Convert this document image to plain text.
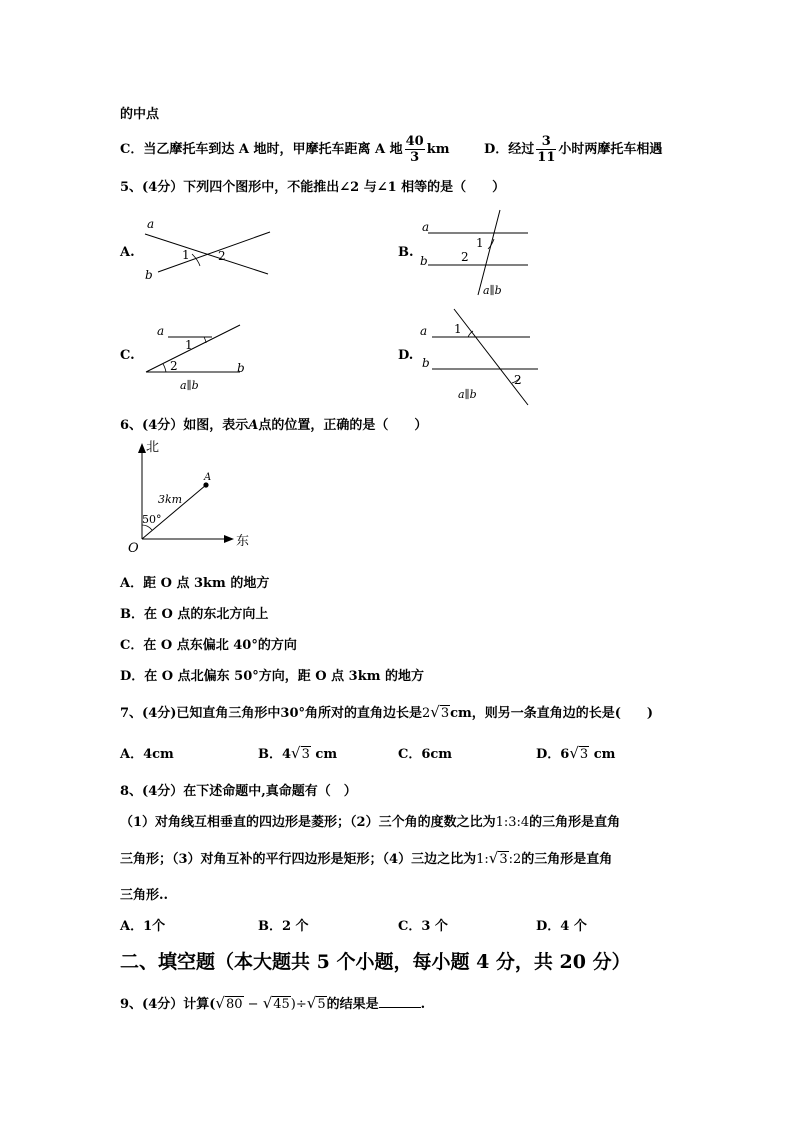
的中点
C．当乙摩托车到达 A 地时，甲摩托车距离 A 地 $\frac{40}{3}$ km	D．经过 $\frac{3}{11}$ 小时两摩托车相遇
5、(4分）下列四个图形中，不能推出∠2 与∠1 相等的是（　　）
A.
a
b
1 2	B.
a
b
1
2
a∥b
C.
a
b
1
2
a∥b
D.
a
b
1
2
a∥b
6、(4分）如图，表示A点的位置，正确的是（　　）
北
东
O
A
3km
50°
A．距 O 点 3km 的地方
B．在 O 点的东北方向上
C．在 O 点东偏北 40°的方向
D．在 O 点北偏东 50°方向，距 O 点 3km 的地方
7、(4分)已知直角三角形中30°角所对的直角边长是2√3cm，则另一条直角边的长是(　　)
A．4cm	B．4√3 cm	C．6cm	D．6√3 cm
8、(4分）在下述命题中,真命题有（　）
（1）对角线互相垂直的四边形是菱形；（2）三个角的度数之比为1:3:4的三角形是直角
三角形；（3）对角互补的平行四边形是矩形；（4）三边之比为1:√3:2的三角形是直角
三角形..
A．1个	B．2 个	C．3 个	D．4 个
二、填空题（本大题共 5 个小题，每小题 4 分，共 20 分）
9、(4分）计算(√80 − √45)÷√5的结果是	.
